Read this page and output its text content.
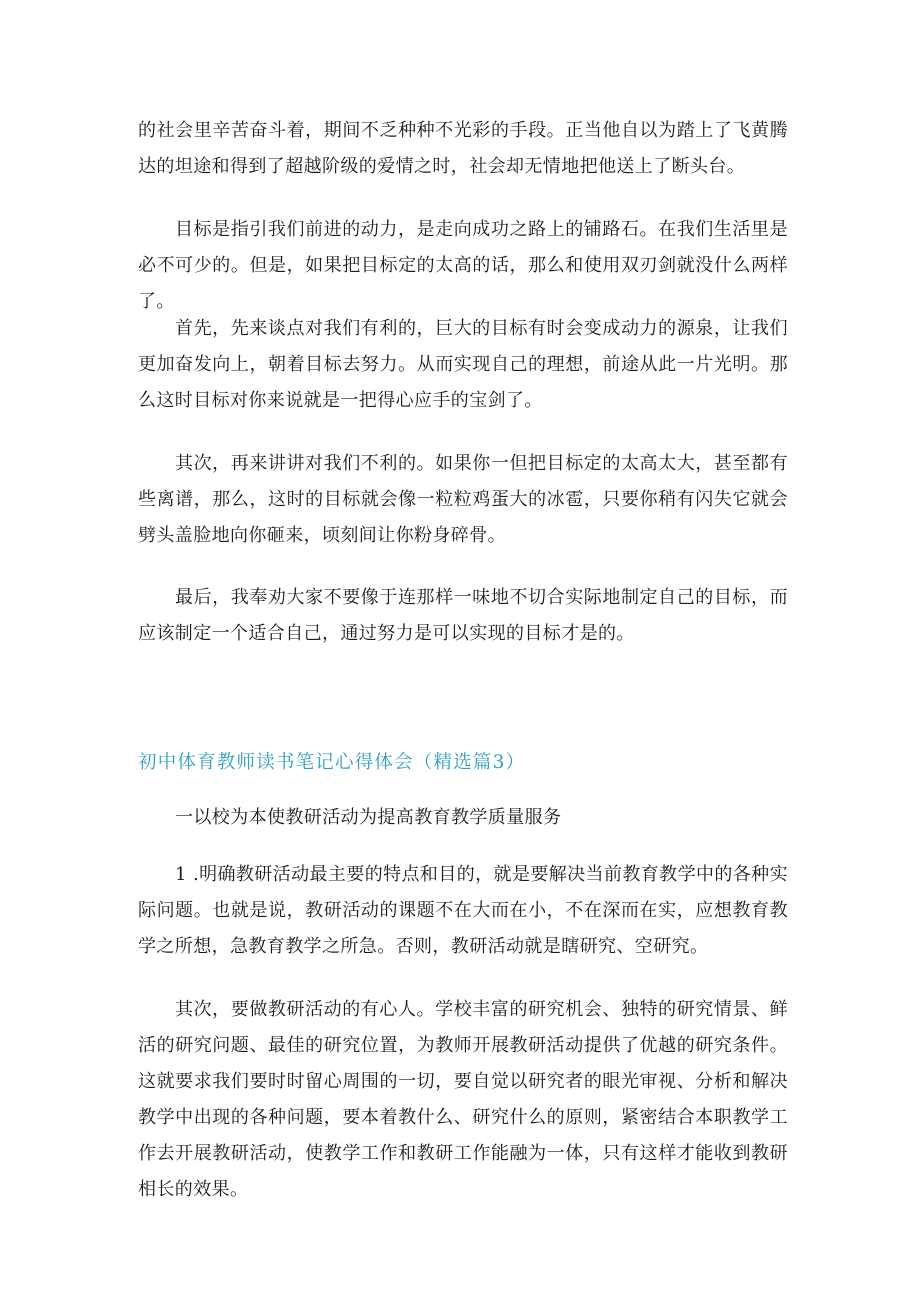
的社会里辛苦奋斗着，期间不乏种种不光彩的手段。正当他自以为踏上了飞黄腾达的坦途和得到了超越阶级的爱情之时，社会却无情地把他送上了断头台。

目标是指引我们前进的动力，是走向成功之路上的铺路石。在我们生活里是必不可少的。但是，如果把目标定的太高的话，那么和使用双刃剑就没什么两样了。

首先，先来谈点对我们有利的，巨大的目标有时会变成动力的源泉，让我们更加奋发向上，朝着目标去努力。从而实现自己的理想，前途从此一片光明。那么这时目标对你来说就是一把得心应手的宝剑了。

其次，再来讲讲对我们不利的。如果你一但把目标定的太高太大，甚至都有些离谱，那么，这时的目标就会像一粒粒鸡蛋大的冰雹，只要你稍有闪失它就会劈头盖脸地向你砸来，顷刻间让你粉身碎骨。

最后，我奉劝大家不要像于连那样一味地不切合实际地制定自己的目标，而应该制定一个适合自己，通过努力是可以实现的目标才是的。

初中体育教师读书笔记心得体会（精选篇3）

一以校为本使教研活动为提高教育教学质量服务

1 .明确教研活动最主要的特点和目的，就是要解决当前教育教学中的各种实际问题。也就是说，教研活动的课题不在大而在小，不在深而在实，应想教育教学之所想，急教育教学之所急。否则，教研活动就是瞎研究、空研究。

其次，要做教研活动的有心人。学校丰富的研究机会、独特的研究情景、鲜活的研究问题、最佳的研究位置，为教师开展教研活动提供了优越的研究条件。这就要求我们要时时留心周围的一切，要自觉以研究者的眼光审视、分析和解决教学中出现的各种问题，要本着教什么、研究什么的原则，紧密结合本职教学工作去开展教研活动，使教学工作和教研工作能融为一体，只有这样才能收到教研相长的效果。
